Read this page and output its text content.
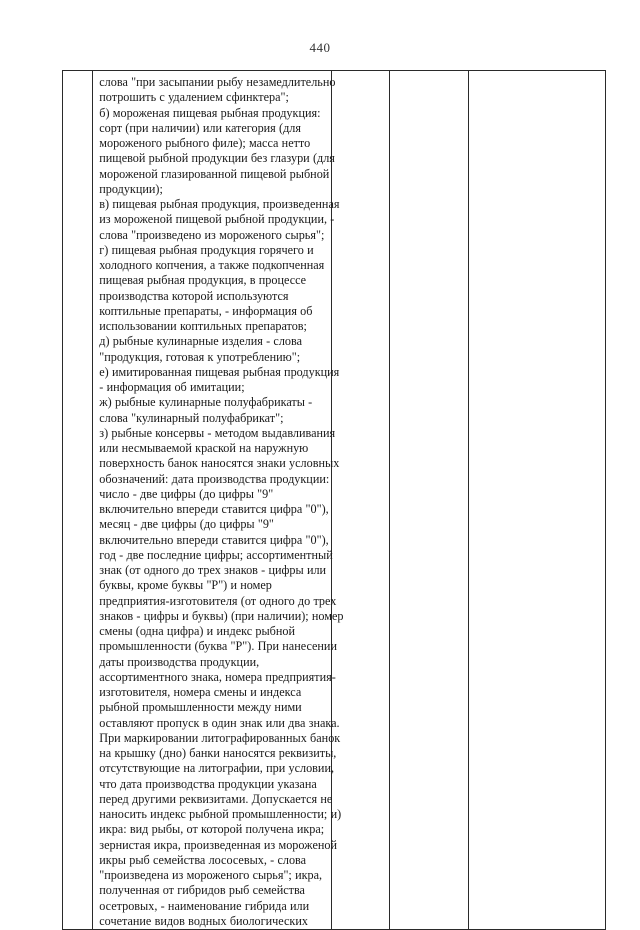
440

слова "при засыпании рыбу незамедлительно
потрошить с удалением сфинктера";
б) мороженая пищевая рыбная продукция:
сорт (при наличии) или категория (для
мороженого рыбного филе); масса нетто
пищевой рыбной продукции без глазури (для
мороженой глазированной пищевой рыбной
продукции);
в) пищевая рыбная продукция, произведенная
из мороженой пищевой рыбной продукции, -
слова "произведено из мороженого сырья";
г) пищевая рыбная продукция горячего и
холодного копчения, а также подкопченная
пищевая рыбная продукция, в процессе
производства которой используются
коптильные препараты, - информация об
использовании коптильных препаратов;
д) рыбные кулинарные изделия - слова
"продукция, готовая к употреблению";
е) имитированная пищевая рыбная продукция
- информация об имитации;
ж) рыбные кулинарные полуфабрикаты -
слова "кулинарный полуфабрикат";
з) рыбные консервы - методом выдавливания
или несмываемой краской на наружную
поверхность банок наносятся знаки условных
обозначений: дата производства продукции:
число - две цифры (до цифры "9"
включительно впереди ставится цифра "0"),
месяц - две цифры (до цифры "9"
включительно впереди ставится цифра "0"),
год - две последние цифры; ассортиментный
знак (от одного до трех знаков - цифры или
буквы, кроме буквы "Р") и номер
предприятия-изготовителя (от одного до трех
знаков - цифры и буквы) (при наличии); номер
смены (одна цифра) и индекс рыбной
промышленности (буква "Р"). При нанесении
даты производства продукции,
ассортиментного знака, номера предприятия-
изготовителя, номера смены и индекса
рыбной промышленности между ними
оставляют пропуск в один знак или два знака.
При маркировании литографированных банок
на крышку (дно) банки наносятся реквизиты,
отсутствующие на литографии, при условии,
что дата производства продукции указана
перед другими реквизитами. Допускается не
наносить индекс рыбной промышленности; и)
икра: вид рыбы, от которой получена икра;
зернистая икра, произведенная из мороженой
икры рыб семейства лососевых, - слова
"произведена из мороженого сырья"; икра,
полученная от гибридов рыб семейства
осетровых, - наименование гибрида или
сочетание видов водных биологических
